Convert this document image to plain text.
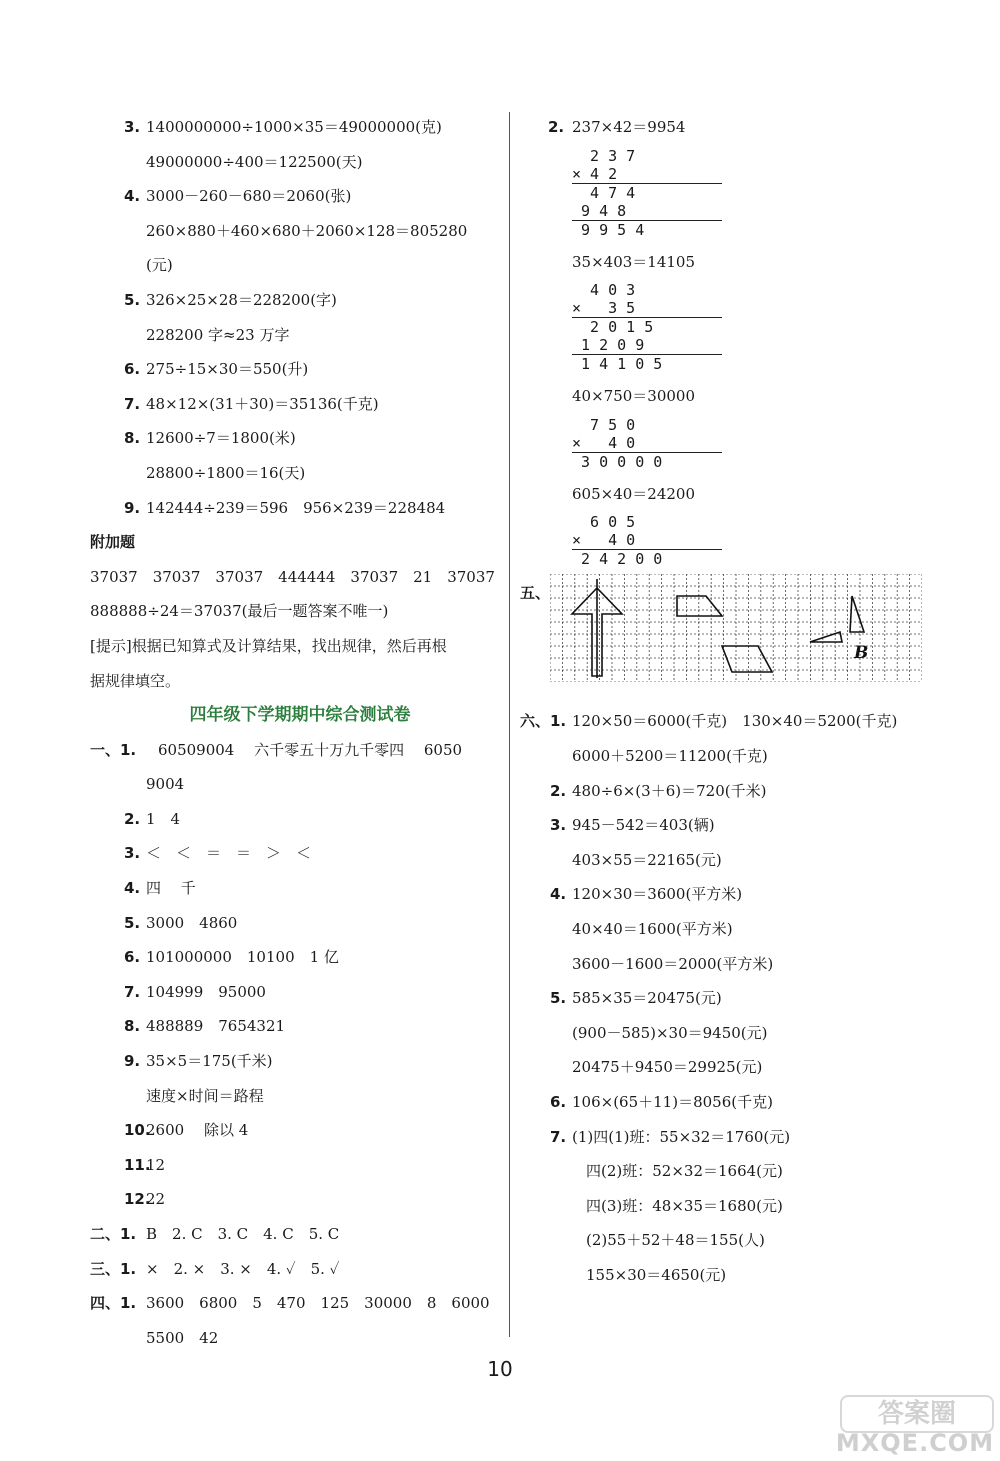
3. 1400000000÷1000×35＝49000000(克)
49000000÷400＝122500(天)
4. 3000－260－680＝2060(张)
260×880＋460×680＋2060×128＝805280
(元)
5. 326×25×28＝228200(字)
228200 字≈23 万字
6. 275÷15×30＝550(升)
7. 48×12×(31＋30)＝35136(千克)
8. 12600÷7＝1800(米)
28800÷1800＝16(天)
9. 142444÷239＝596　956×239＝228484
附加题
37037　37037　37037　444444　37037　21　37037
888888÷24＝37037(最后一题答案不唯一)
[提示]根据已知算式及计算结果，找出规律，然后再根
据规律填空。
四年级下学期期中综合测试卷
一、1. 60509004　 六千零五十万九千零四　 6050
9004
2. 1　4
3. ＜　＜　＝　＝　＞　＜
4. 四　 千
5. 3000　4860
6. 101000000　10100　1 亿
7. 104999　95000
8. 488889　7654321
9. 35×5＝175(千米)
速度×时间＝路程
10.
2600　 除以 4
11.
12
12.
22
二、1. B　2. C　3. C　4. C　5. C
三、1. ×　2. ×　3. ×　4. ✓　5. ✓
四、1. 3600　6800　5　470　125　30000　8　6000
5500　42
2. 237×42＝9954
2 3 7
× 4 2
4 7 4
9 4 8
9 9 5 4
35×403＝14105
4 0 3
×   3 5
2 0 1 5
1 2 0 9
1 4 1 0 5
40×750＝30000
7 5 0
×   4 0
3 0 0 0 0
605×40＝24200
6 0 5
×   4 0
2 4 2 0 0
五、
B
六、1. 120×50＝6000(千克)　130×40＝5200(千克)
6000＋5200＝11200(千克)
2. 480÷6×(3＋6)＝720(千米)
3. 945－542＝403(辆)
403×55＝22165(元)
4. 120×30＝3600(平方米)
40×40＝1600(平方米)
3600－1600＝2000(平方米)
5. 585×35＝20475(元)
(900－585)×30＝9450(元)
20475＋9450＝29925(元)
6. 106×(65＋11)＝8056(千克)
7. (1)四(1)班：55×32＝1760(元)
四(2)班：52×32＝1664(元)
四(3)班：48×35＝1680(元)
(2)55＋52＋48＝155(人)
155×30＝4650(元)
10
答案圈
MXQE.COM
